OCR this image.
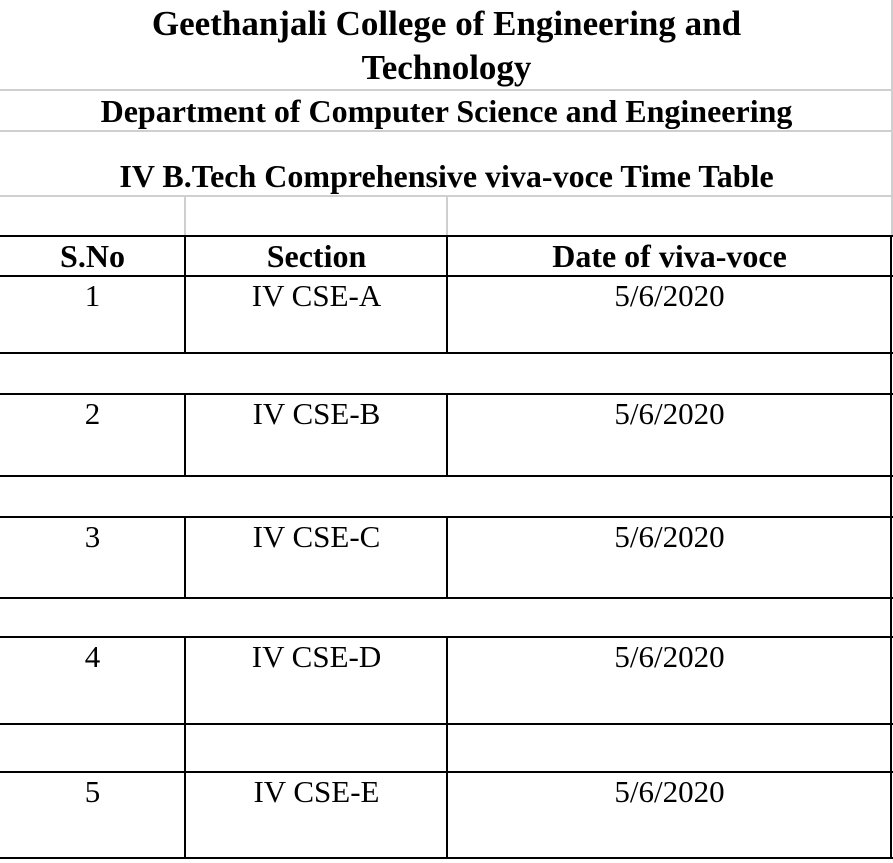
Geethanjali College of Engineering and
Technology
Department of Computer Science and Engineering
IV B.Tech Comprehensive viva-voce Time Table
S.No	Section	Date of viva-voce
1	IV CSE-A	5/6/2020
2	IV CSE-B	5/6/2020
3	IV CSE-C	5/6/2020
4	IV CSE-D	5/6/2020
5	IV CSE-E	5/6/2020
